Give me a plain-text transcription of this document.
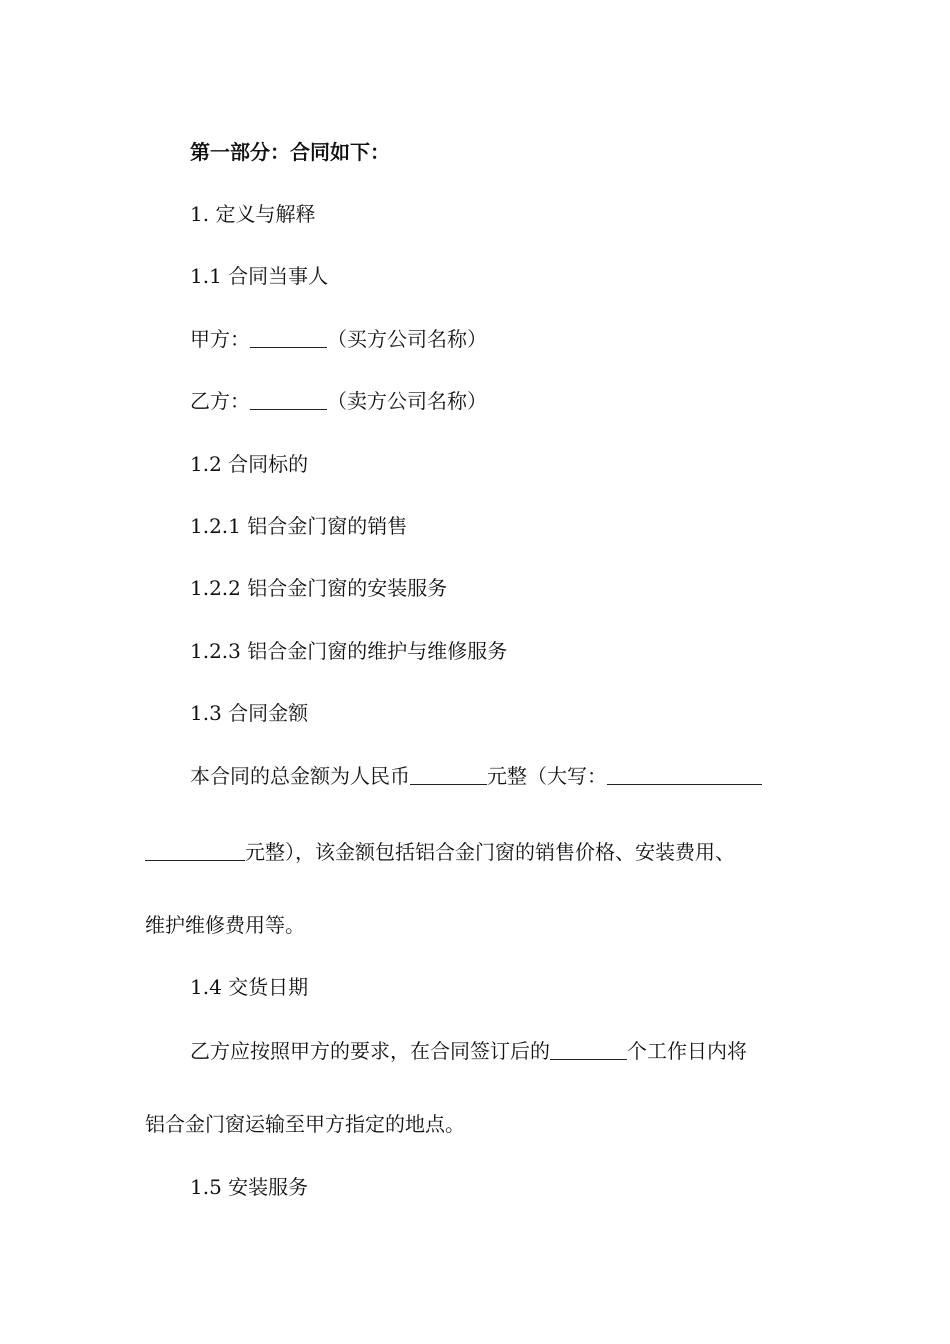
第一部分：合同如下：

1. 定义与解释

1.1 合同当事人

甲方：	（买方公司名称）

乙方：	（卖方公司名称）

1.2 合同标的

1.2.1 铝合金门窗的销售

1.2.2 铝合金门窗的安装服务

1.2.3 铝合金门窗的维护与维修服务

1.3 合同金额

本合同的总金额为人民币	元整（大写：

元整），该金额包括铝合金门窗的销售价格、安装费用、

维护维修费用等。

1.4 交货日期

乙方应按照甲方的要求，在合同签订后的	个工作日内将

铝合金门窗运输至甲方指定的地点。

1.5 安装服务
